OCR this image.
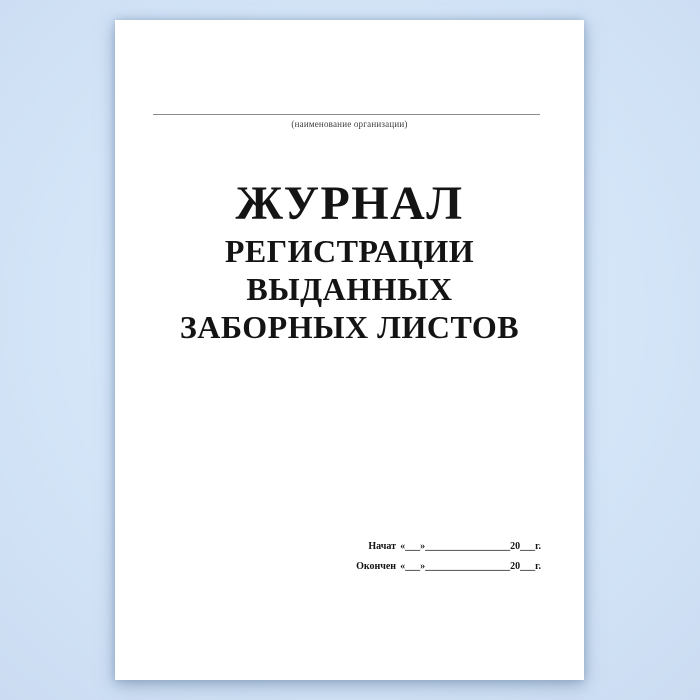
(наименование организации)
ЖУРНАЛ
РЕГИСТРАЦИИ
ВЫДАННЫХ
ЗАБОРНЫХ ЛИСТОВ
Начат «___»_________________20___г.
Окончен «___»_________________20___г.
